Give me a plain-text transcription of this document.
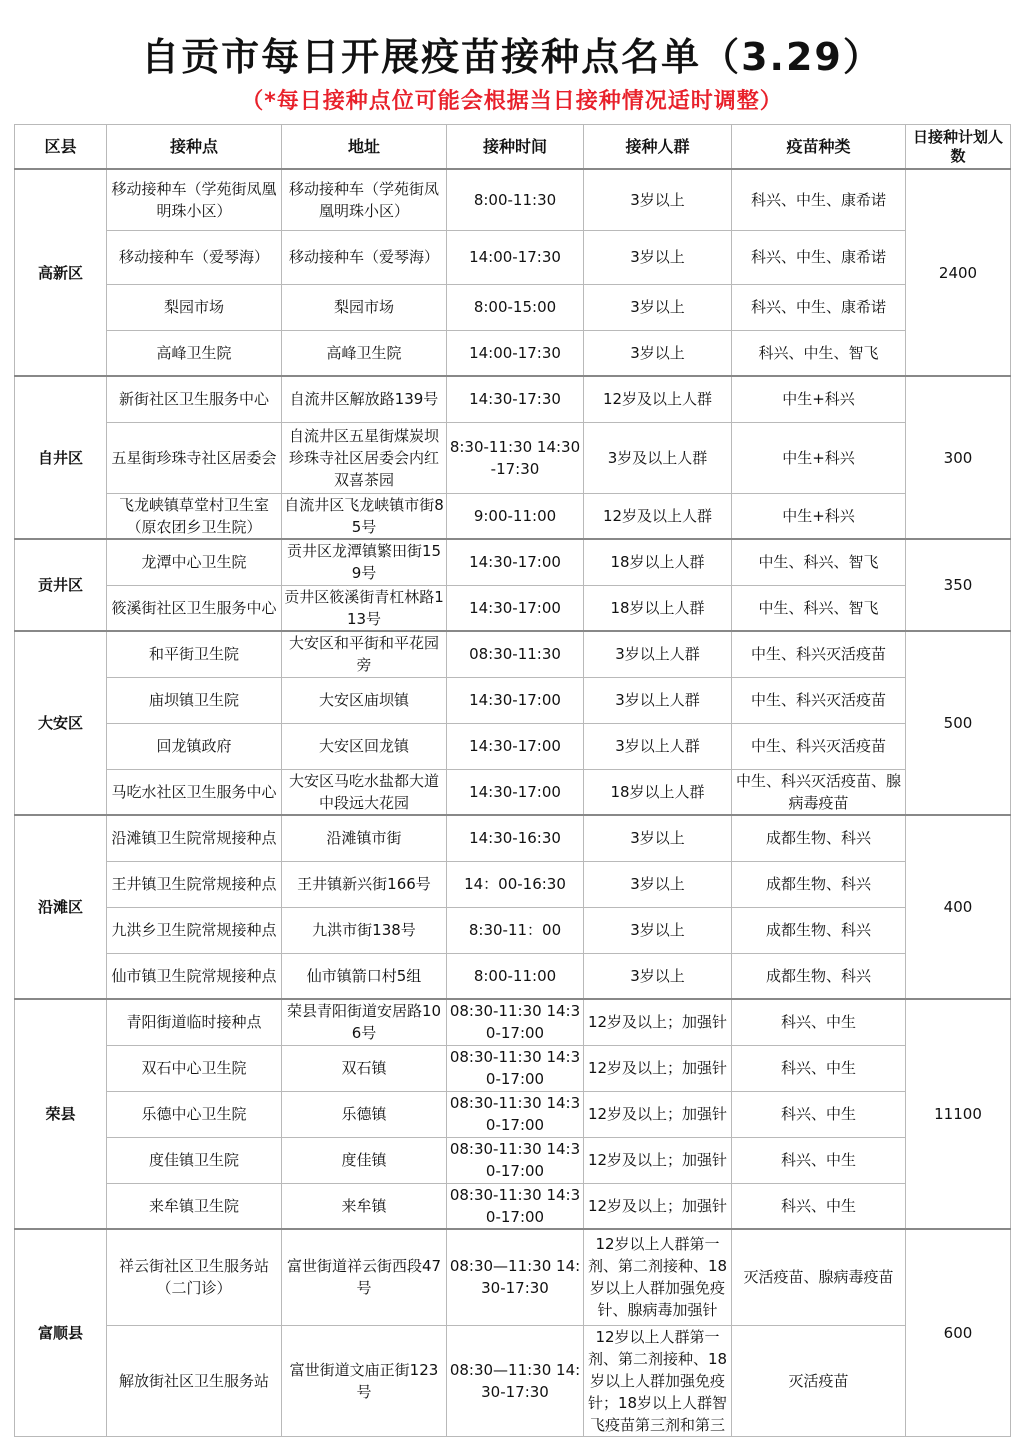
自贡市每日开展疫苗接种点名单（3.29）
（*每日接种点位可能会根据当日接种情况适时调整）
区县	接种点	地址	接种时间	接种人群	疫苗种类	日接种计划人数
高新区	移动接种车（学苑街凤凰明珠小区）	移动接种车（学苑街凤凰明珠小区）	8:00-11:30	3岁以上	科兴、中生、康希诺	2400
	移动接种车（爱琴海）	移动接种车（爱琴海）	14:00-17:30	3岁以上	科兴、中生、康希诺	
	梨园市场	梨园市场	8:00-15:00	3岁以上	科兴、中生、康希诺	
	高峰卫生院	高峰卫生院	14:00-17:30	3岁以上	科兴、中生、智飞	
自井区	新街社区卫生服务中心	自流井区解放路139号	14:30-17:30	12岁及以上人群	中生+科兴	300
	五星街珍珠寺社区居委会	自流井区五星街煤炭坝珍珠寺社区居委会内红双喜茶园	8:30-11:30 14:30-17:30	3岁及以上人群	中生+科兴	
	飞龙峡镇草堂村卫生室（原农团乡卫生院）	自流井区飞龙峡镇市街85号	9:00-11:00	12岁及以上人群	中生+科兴	
贡井区	龙潭中心卫生院	贡井区龙潭镇繁田街159号	14:30-17:00	18岁以上人群	中生、科兴、智飞	350
	筱溪街社区卫生服务中心	贡井区筱溪街青杠林路113号	14:30-17:00	18岁以上人群	中生、科兴、智飞	
大安区	和平街卫生院	大安区和平街和平花园旁	08:30-11:30	3岁以上人群	中生、科兴灭活疫苗	500
	庙坝镇卫生院	大安区庙坝镇	14:30-17:00	3岁以上人群	中生、科兴灭活疫苗	
	回龙镇政府	大安区回龙镇	14:30-17:00	3岁以上人群	中生、科兴灭活疫苗	
	马吃水社区卫生服务中心	大安区马吃水盐都大道中段远大花园	14:30-17:00	18岁以上人群	中生、科兴灭活疫苗、腺病毒疫苗	
沿滩区	沿滩镇卫生院常规接种点	沿滩镇市街	14:30-16:30	3岁以上	成都生物、科兴	400
	王井镇卫生院常规接种点	王井镇新兴街166号	14：00-16:30	3岁以上	成都生物、科兴	
	九洪乡卫生院常规接种点	九洪市街138号	8:30-11：00	3岁以上	成都生物、科兴	
	仙市镇卫生院常规接种点	仙市镇箭口村5组	8:00-11:00	3岁以上	成都生物、科兴	
荣县	青阳街道临时接种点	荣县青阳街道安居路106号	08:30-11:30 14:30-17:00	12岁及以上；加强针	科兴、中生	11100
	双石中心卫生院	双石镇	08:30-11:30 14:30-17:00	12岁及以上；加强针	科兴、中生	
	乐德中心卫生院	乐德镇	08:30-11:30 14:30-17:00	12岁及以上；加强针	科兴、中生	
	度佳镇卫生院	度佳镇	08:30-11:30 14:30-17:00	12岁及以上；加强针	科兴、中生	
	来牟镇卫生院	来牟镇	08:30-11:30 14:30-17:00	12岁及以上；加强针	科兴、中生	
富顺县	祥云街社区卫生服务站（二门诊）	富世街道祥云街西段47号	08:30—11:30 14:30-17:30	12岁以上人群第一剂、第二剂接种、18岁以上人群加强免疫针、腺病毒加强针	灭活疫苗、腺病毒疫苗	600
	解放街社区卫生服务站	富世街道文庙正街123号	08:30—11:30 14:30-17:30	12岁以上人群第一剂、第二剂接种、18岁以上人群加强免疫针；18岁以上人群智飞疫苗第三剂和第三	灭活疫苗	
